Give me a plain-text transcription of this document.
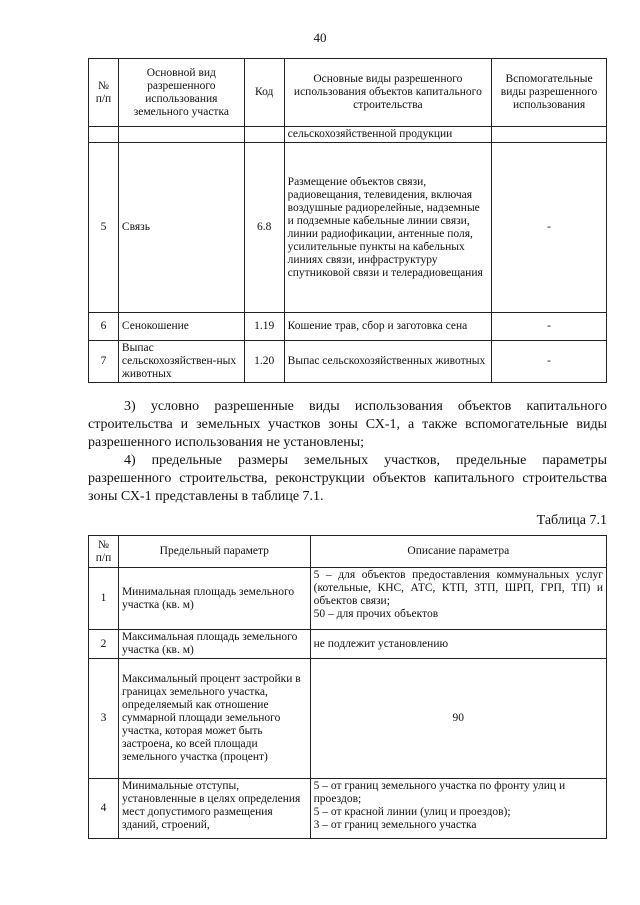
40
№ п/п	Основной вид разрешенного использования земельного участка	Код	Основные виды разрешенного использования объектов капитального строительства	Вспомогательные виды разрешенного использования
			сельскохозяйственной продукции	
5	Связь	6.8	Размещение объектов связи, радиовещания, телевидения, включая воздушные радиорелейные, надземные и подземные кабельные линии связи, линии радиофикации, антенные поля, усилительные пункты на кабельных линиях связи, инфраструктуру спутниковой связи и телерадиовещания	-
6	Сенокошение	1.19	Кошение трав, сбор и заготовка сена	-
7	Выпас сельскохозяйствен-ных животных	1.20	Выпас сельскохозяйственных животных	-

3) условно разрешенные виды использования объектов капитального строительства и земельных участков зоны СХ-1, а также вспомогательные виды разрешенного использования не установлены;

4) предельные размеры земельных участков, предельные параметры разрешенного строительства, реконструкции объектов капитального строительства зоны СХ-1 представлены в таблице 7.1.

Таблица 7.1
№ п/п	Предельный параметр	Описание параметра
1	Минимальная площадь земельного участка (кв. м)	5 – для объектов предоставления коммунальных услуг (котельные, КНС, АТС, КТП, ЗТП, ШРП, ГРП, ТП) и объектов связи;
50 – для прочих объектов

2	Максимальная площадь земельного участка (кв. м)	не подлежит установлению

3	Максимальный процент застройки в границах земельного участка, определяемый как отношение суммарной площади земельного участка, которая может быть застроена, ко всей площади земельного участка (процент)	90

4	Минимальные отступы, установленные в целях определения мест допустимого размещения зданий, строений,	5 – от границ земельного участка по фронту улиц и проездов;
5 – от красной линии (улиц и проездов);
3 – от границ земельного участка
